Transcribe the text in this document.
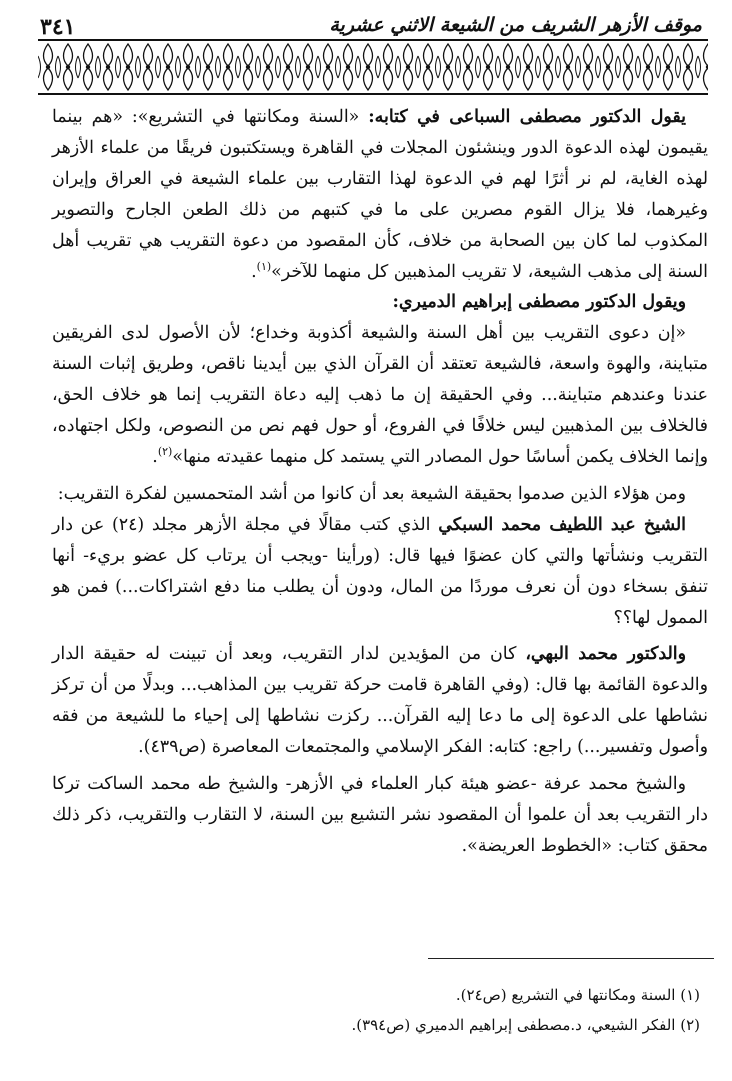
موقف الأزهر الشريف من الشيعة الاثني عشرية
٣٤١

يقول الدكتور مصطفى السباعى في كتابه: «السنة ومكانتها في التشريع»: «هم بينما يقيمون لهذه الدعوة الدور وينشئون المجلات في القاهرة ويستكتبون فريقًا من علماء الأزهر لهذه الغاية، لم نر أثرًا لهم في الدعوة لهذا التقارب بين علماء الشيعة في العراق وإيران وغيرهما، فلا يزال القوم مصرين على ما في كتبهم من ذلك الطعن الجارح والتصوير المكذوب لما كان بين الصحابة من خلاف، كأن المقصود من دعوة التقريب هي تقريب أهل السنة إلى مذهب الشيعة، لا تقريب المذهبين كل منهما للآخر»$^{(١)}$.

ويقول الدكتور مصطفى إبراهيم الدميري:

«إن دعوى التقريب بين أهل السنة والشيعة أكذوبة وخداع؛ لأن الأصول لدى الفريقين متباينة، والهوة واسعة، فالشيعة تعتقد أن القرآن الذي بين أيدينا ناقص، وطريق إثبات السنة عندنا وعندهم متباينة... وفي الحقيقة إن ما ذهب إليه دعاة التقريب إنما هو خلاف الحق، فالخلاف بين المذهبين ليس خلافًا في الفروع، أو حول فهم نص من النصوص، ولكل اجتهاده، وإنما الخلاف يكمن أساسًا حول المصادر التي يستمد كل منهما عقيدته منها»$^{(٢)}$.

ومن هؤلاء الذين صدموا بحقيقة الشيعة بعد أن كانوا من أشد المتحمسين لفكرة التقريب:

الشيخ عبد اللطيف محمد السبكي الذي كتب مقالًا في مجلة الأزهر مجلد (٢٤) عن دار التقريب ونشأتها والتي كان عضوًا فيها قال: (ورأينا -ويجب أن يرتاب كل عضو بريء- أنها تنفق بسخاء دون أن نعرف موردًا من المال، ودون أن يطلب منا دفع اشتراكات...) فمن هو الممول لها؟؟

والدكتور محمد البهي، كان من المؤيدين لدار التقريب، وبعد أن تبينت له حقيقة الدار والدعوة القائمة بها قال: (وفي القاهرة قامت حركة تقريب بين المذاهب... وبدلًا من أن تركز نشاطها على الدعوة إلى ما دعا إليه القرآن... ركزت نشاطها إلى إحياء ما للشيعة من فقه وأصول وتفسير...) راجع: كتابه: الفكر الإسلامي والمجتمعات المعاصرة (ص٤٣٩).

والشيخ محمد عرفة -عضو هيئة كبار العلماء في الأزهر- والشيخ طه محمد الساكت تركا دار التقريب بعد أن علموا أن المقصود نشر التشيع بين السنة، لا التقارب والتقريب، ذكر ذلك محقق كتاب: «الخطوط العريضة».

(١) السنة ومكانتها في التشريع (ص٢٤).

(٢) الفكر الشيعي، د.مصطفى إبراهيم الدميري (ص٣٩٤).
